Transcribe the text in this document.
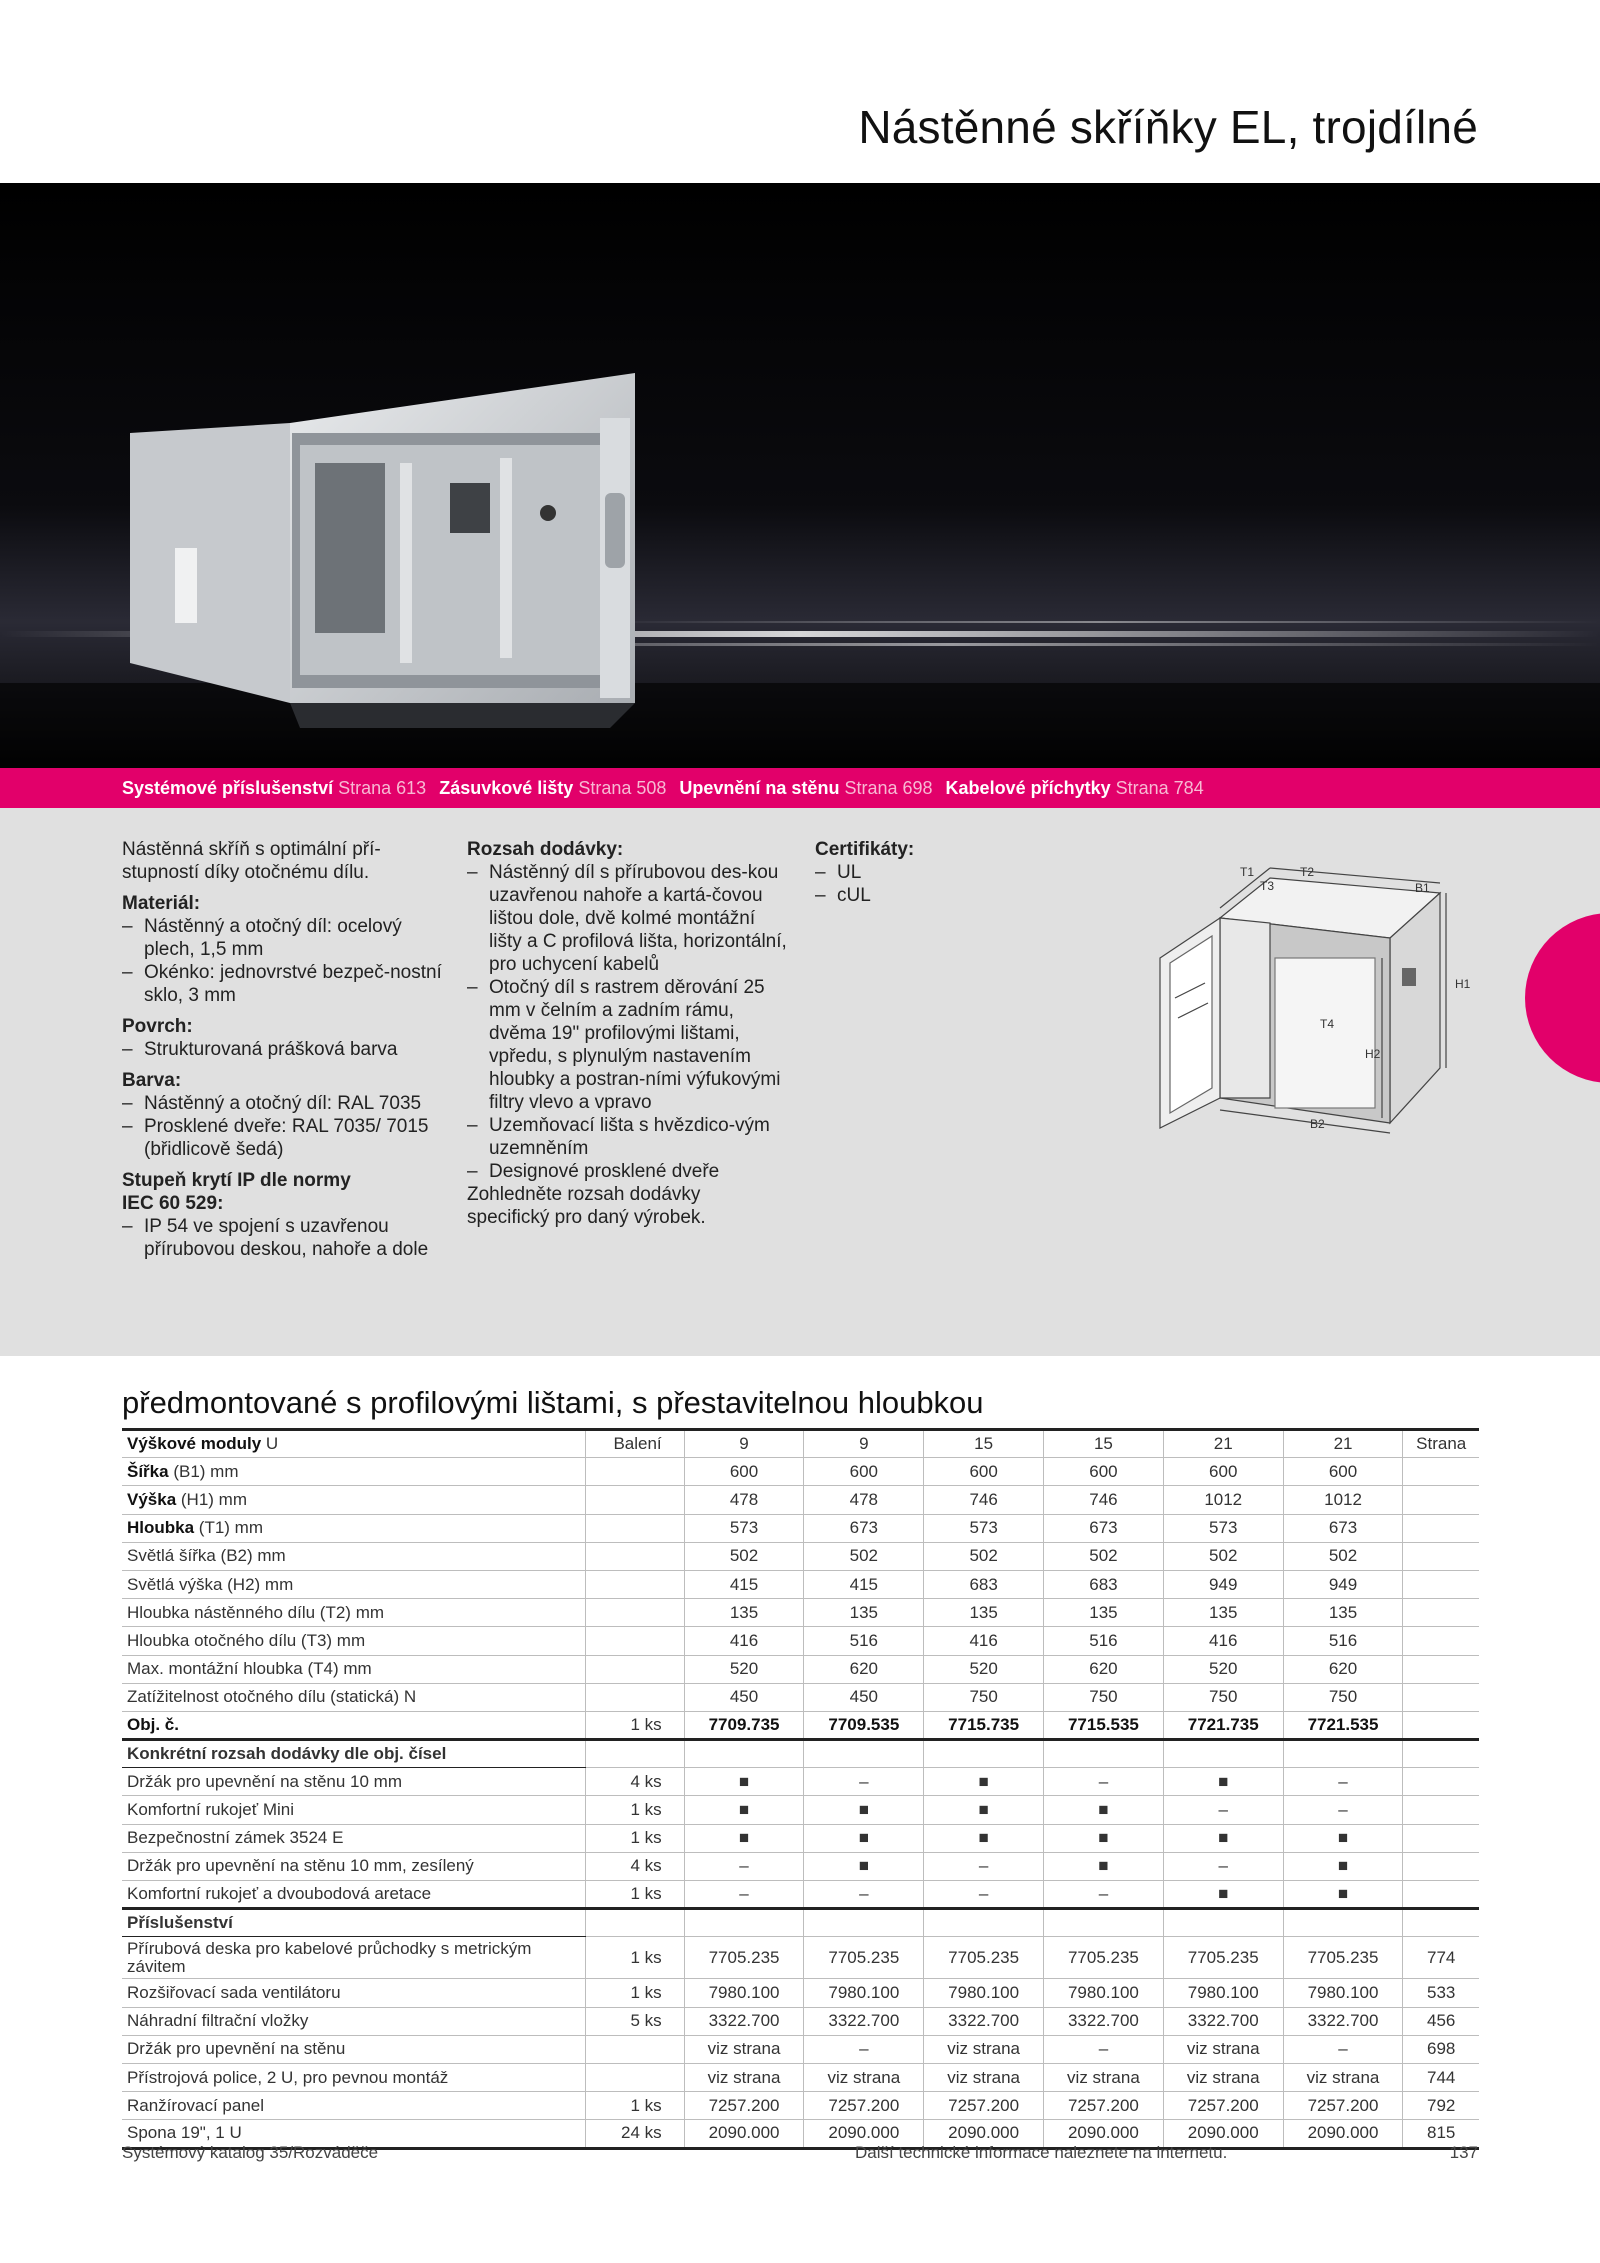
Nástěnné skříňky EL, trojdílné
Systémové příslušenství Strana 613 Zásuvkové lišty Strana 508 Upevnění na stěnu Strana 698 Kabelové příchytky Strana 784

Nástěnná skříň s optimální pří-stupností díky otočnému dílu.

Materiál:
– Nástěnný a otočný díl: ocelový plech, 1,5 mm
– Okénko: jednovrstvé bezpeč-nostní sklo, 3 mm
Povrch:
– Strukturovaná prášková barva
Barva:
– Nástěnný a otočný díl: RAL 7035
– Prosklené dveře: RAL 7035/ 7015 (břidlicově šedá)
Stupeň krytí IP dle normy
IEC 60 529:
– IP 54 ve spojení s uzavřenou přírubovou deskou, nahoře a dole
Rozsah dodávky:
– Nástěnný díl s přírubovou des-kou uzavřenou nahoře a kartá-čovou lištou dole, dvě kolmé montážní lišty a C profilová lišta, horizontální, pro uchycení kabelů
– Otočný díl s rastrem děrování 25 mm v čelním a zadním rámu, dvěma 19" profilovými lištami, vpředu, s plynulým nastavením hloubky a postran-ními výfukovými filtry vlevo a vpravo
– Uzemňovací lišta s hvězdico-vým uzemněním
– Designové prosklené dveře

Zohledněte rozsah dodávky specifický pro daný výrobek.

Certifikáty:
– UL
– cUL
T1	T2
T3
T4
B1
B2
H1
H2
předmontované s profilovými lištami, s přestavitelnou hloubkou
Výškové moduly U	Balení	9	9	15	15	21	21	Strana
Šířka (B1) mm		600	600	600	600	600	600	
Výška (H1) mm		478	478	746	746	1012	1012	
Hloubka (T1) mm		573	673	573	673	573	673	
Světlá šířka (B2) mm		502	502	502	502	502	502	
Světlá výška (H2) mm		415	415	683	683	949	949	
Hloubka nástěnného dílu (T2) mm		135	135	135	135	135	135	
Hloubka otočného dílu (T3) mm		416	516	416	516	416	516	
Max. montážní hloubka (T4) mm		520	620	520	620	520	620	
Zatížitelnost otočného dílu (statická) N		450	450	750	750	750	750	
Obj. č.	1 ks	7709.735	7709.535	7715.735	7715.535	7721.735	7721.535	
Konkrétní rozsah dodávky dle obj. čísel								
Držák pro upevnění na stěnu 10 mm	4 ks	■	–	■	–	■	–	
Komfortní rukojeť Mini	1 ks	■	■	■	■	–	–	
Bezpečnostní zámek 3524 E	1 ks	■	■	■	■	■	■	
Držák pro upevnění na stěnu 10 mm, zesílený	4 ks	–	■	–	■	–	■	
Komfortní rukojeť a dvoubodová aretace	1 ks	–	–	–	–	■	■	
Příslušenství								
Přírubová deska pro kabelové průchodky s metrickým závitem	1 ks	7705.235	7705.235	7705.235	7705.235	7705.235	7705.235	774
Rozšiřovací sada ventilátoru	1 ks	7980.100	7980.100	7980.100	7980.100	7980.100	7980.100	533
Náhradní filtrační vložky	5 ks	3322.700	3322.700	3322.700	3322.700	3322.700	3322.700	456
Držák pro upevnění na stěnu		viz strana	–	viz strana	–	viz strana	–	698
Přístrojová police, 2 U, pro pevnou montáž		viz strana	viz strana	viz strana	viz strana	viz strana	viz strana	744
Ranžírovací panel	1 ks	7257.200	7257.200	7257.200	7257.200	7257.200	7257.200	792
Spona 19", 1 U	24 ks	2090.000	2090.000	2090.000	2090.000	2090.000	2090.000	815
Systémový katalog 35/Rozváděče	Další technické informace naleznete na internetu.	137
